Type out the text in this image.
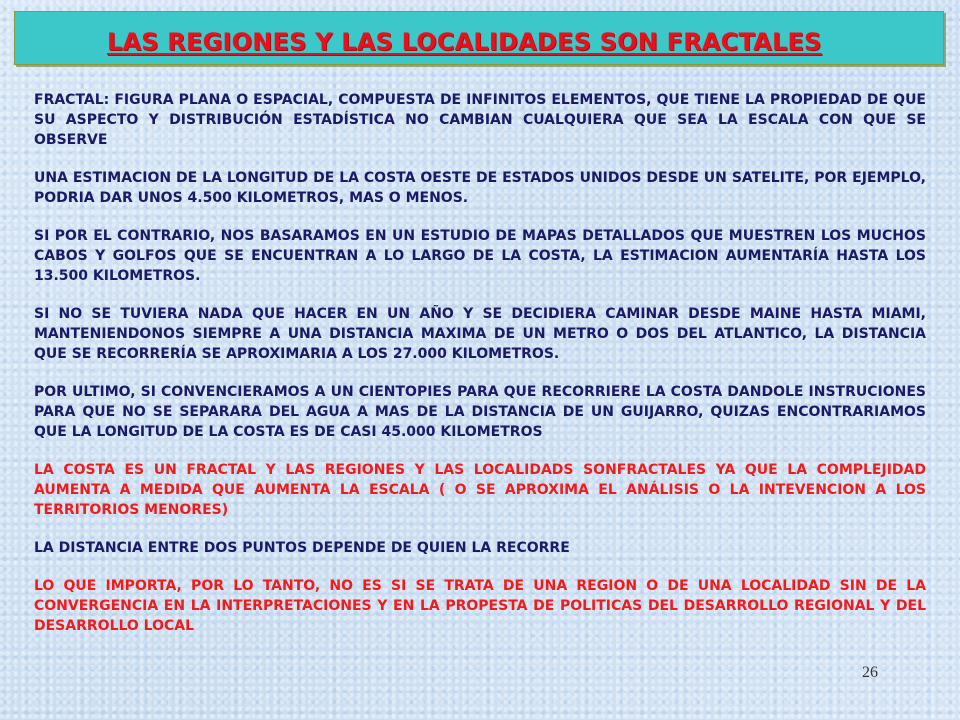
LAS REGIONES Y LAS LOCALIDADES SON FRACTALES

FRACTAL: FIGURA PLANA O ESPACIAL, COMPUESTA DE INFINITOS ELEMENTOS, QUE TIENE LA PROPIEDAD DE QUE SU ASPECTO Y DISTRIBUCIÓN ESTADÍSTICA NO CAMBIAN CUALQUIERA QUE SEA LA ESCALA CON QUE SE OBSERVE

UNA ESTIMACION DE LA LONGITUD DE LA COSTA OESTE DE ESTADOS UNIDOS DESDE UN SATELITE, POR EJEMPLO, PODRIA DAR UNOS 4.500 KILOMETROS, MAS O MENOS.

SI POR EL CONTRARIO, NOS BASARAMOS EN UN ESTUDIO DE MAPAS DETALLADOS QUE MUESTREN LOS MUCHOS CABOS Y GOLFOS QUE SE ENCUENTRAN A LO LARGO DE LA COSTA, LA ESTIMACION AUMENTARÍA HASTA LOS 13.500 KILOMETROS.

SI NO SE TUVIERA NADA QUE HACER EN UN AÑO Y SE DECIDIERA CAMINAR DESDE MAINE HASTA MIAMI, MANTENIENDONOS SIEMPRE A UNA DISTANCIA MAXIMA DE UN METRO O DOS DEL ATLANTICO, LA DISTANCIA QUE SE RECORRERÍA SE APROXIMARIA A LOS 27.000 KILOMETROS.

POR ULTIMO, SI CONVENCIERAMOS A UN CIENTOPIES PARA QUE RECORRIERE LA COSTA DANDOLE INSTRUCIONES PARA QUE NO SE SEPARARA DEL AGUA A MAS DE LA DISTANCIA DE UN GUIJARRO, QUIZAS ENCONTRARIAMOS QUE LA LONGITUD DE LA COSTA ES DE CASI 45.000 KILOMETROS

LA COSTA ES UN FRACTAL Y LAS REGIONES Y LAS LOCALIDADS SONFRACTALES YA QUE LA COMPLEJIDAD AUMENTA A MEDIDA QUE AUMENTA LA ESCALA ( O SE APROXIMA EL ANÁLISIS O LA INTEVENCION A LOS TERRITORIOS MENORES)

LA DISTANCIA ENTRE DOS PUNTOS DEPENDE DE QUIEN LA RECORRE

LO QUE IMPORTA, POR LO TANTO, NO ES SI SE TRATA DE UNA REGION O DE UNA LOCALIDAD SIN DE LA CONVERGENCIA EN LA INTERPRETACIONES Y EN LA PROPESTA DE POLITICAS DEL DESARROLLO REGIONAL Y DEL DESARROLLO LOCAL

26
